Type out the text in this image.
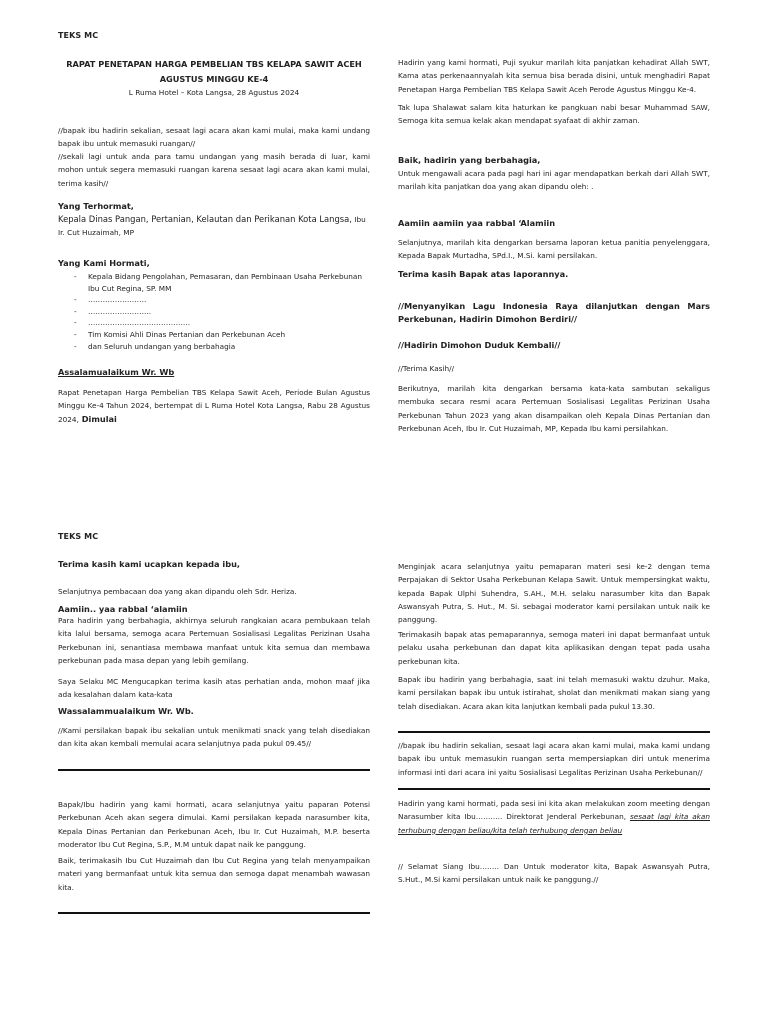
TEKS MC
RAPAT PENETAPAN HARGA PEMBELIAN TBS KELAPA SAWIT ACEH
AGUSTUS MINGGU KE-4
L Ruma Hotel – Kota Langsa, 28 Agustus 2024

//bapak ibu hadirin sekalian, sesaat lagi acara akan kami mulai, maka kami undang bapak ibu untuk memasuki ruangan//

//sekali lagi untuk anda para tamu undangan yang masih berada di luar, kami mohon untuk segera memasuki ruangan karena sesaat lagi acara akan kami mulai, terima kasih//

Yang Terhormat,

Kepala Dinas Pangan, Pertanian, Kelautan dan Perikanan Kota Langsa, Ibu Ir. Cut Huzaimah, MP

Yang Kami Hormati,
- Kepala Bidang Pengolahan, Pemasaran, dan Pembinaan Usaha Perkebunan Ibu Cut Regina, SP. MM
- ……………………
- ……………………..
- ……………………………………
- Tim Komisi Ahli Dinas Pertanian dan Perkebunan Aceh
- dan Seluruh undangan yang berbahagia
Assalamualaikum Wr. Wb

Rapat Penetapan Harga Pembelian TBS Kelapa Sawit Aceh, Periode Bulan Agustus Minggu Ke-4 Tahun 2024, bertempat di L Ruma Hotel Kota Langsa, Rabu 28 Agustus 2024, Dimulai

Hadirin yang kami hormati, Puji syukur marilah kita panjatkan kehadirat Allah SWT, Kama atas perkenaannyalah kita semua bisa berada disini, untuk menghadiri Rapat Penetapan Harga Pembelian TBS Kelapa Sawit Aceh Perode Agustus Minggu Ke-4.

Tak lupa Shalawat salam kita haturkan ke pangkuan nabi besar Muhammad SAW, Semoga kita semua kelak akan mendapat syafaat di akhir zaman.

Baik, hadirin yang berbahagia,

Untuk mengawali acara pada pagi hari ini agar mendapatkan berkah dari Allah SWT, marilah kita panjatkan doa yang akan dipandu oleh: .

Aamiin aamiin yaa rabbal ‘Alamiin

Selanjutnya, marilah kita dengarkan bersama laporan ketua panitia penyelenggara, Kepada Bapak Murtadha, SPd.I., M.Si. kami persilakan.

Terima kasih Bapak atas laporannya.

//Menyanyikan Lagu Indonesia Raya dilanjutkan dengan Mars Perkebunan, Hadirin Dimohon Berdiri//

//Hadirin Dimohon Duduk Kembali//
//Terima Kasih//

Berikutnya, marilah kita dengarkan bersama kata-kata sambutan sekaligus membuka secara resmi acara Pertemuan Sosialisasi Legalitas Perizinan Usaha Perkebunan Tahun 2023 yang akan disampaikan oleh Kepala Dinas Pertanian dan Perkebunan Aceh, Ibu Ir. Cut Huzaimah, MP, Kepada Ibu kami persilahkan.

TEKS MC
Terima kasih kami ucapkan kepada ibu,

Selanjutnya pembacaan doa yang akan dipandu oleh Sdr. Heriza.

Aamiin.. yaa rabbal ‘alamiin

Para hadirin yang berbahagia, akhirnya seluruh rangkaian acara pembukaan telah kita lalui bersama, semoga acara Pertemuan Sosialisasi Legalitas Perizinan Usaha Perkebunan ini, senantiasa membawa manfaat untuk kita semua dan membawa perkebunan pada masa depan yang lebih gemilang.

Saya Selaku MC Mengucapkan terima kasih atas perhatian anda, mohon maaf jika ada kesalahan dalam kata-kata

Wassalammualaikum Wr. Wb.

//Kami persilakan bapak ibu sekalian untuk menikmati snack yang telah disediakan dan kita akan kembali memulai acara selanjutnya pada pukul 09.45//

Bapak/Ibu hadirin yang kami hormati, acara selanjutnya yaitu paparan Potensi Perkebunan Aceh akan segera dimulai. Kami persilakan kepada narasumber kita, Kepala Dinas Pertanian dan Perkebunan Aceh, Ibu Ir. Cut Huzaimah, M.P. beserta moderator Ibu Cut Regina, S.P., M.M untuk dapat naik ke panggung.

Baik, terimakasih Ibu Cut Huzaimah dan Ibu Cut Regina yang telah menyampaikan materi yang bermanfaat untuk kita semua dan semoga dapat menambah wawasan kita.

Menginjak acara selanjutnya yaitu pemaparan materi sesi ke-2 dengan tema Perpajakan di Sektor Usaha Perkebunan Kelapa Sawit. Untuk mempersingkat waktu, kepada Bapak Ulphi Suhendra, S.AH., M.H. selaku narasumber kita dan Bapak Aswansyah Putra, S. Hut., M. Si. sebagai moderator kami persilakan untuk naik ke panggung.

Terimakasih bapak atas pemaparannya, semoga materi ini dapat bermanfaat untuk pelaku usaha perkebunan dan dapat kita aplikasikan dengan tepat pada usaha perkebunan kita.

Bapak ibu hadirin yang berbahagia, saat ini telah memasuki waktu dzuhur. Maka, kami persilakan bapak ibu untuk istirahat, sholat dan menikmati makan siang yang telah disediakan. Acara akan kita lanjutkan kembali pada pukul 13.30.

//bapak ibu hadirin sekalian, sesaat lagi acara akan kami mulai, maka kami undang bapak ibu untuk memasukin ruangan serta mempersiapkan diri untuk menerima informasi inti dari acara ini yaitu Sosialisasi Legalitas Perizinan Usaha Perkebunan//

Hadirin yang kami hormati, pada sesi ini kita akan melakukan zoom meeting dengan Narasumber kita Ibu……….. Direktorat Jenderal Perkebunan, sesaat lagi kita akan terhubung dengan beliau/kita telah terhubung dengan beliau

// Selamat Siang Ibu…….. Dan Untuk moderator kita, Bapak Aswansyah Putra, S.Hut., M.Si kami persilakan untuk naik ke panggung.//
